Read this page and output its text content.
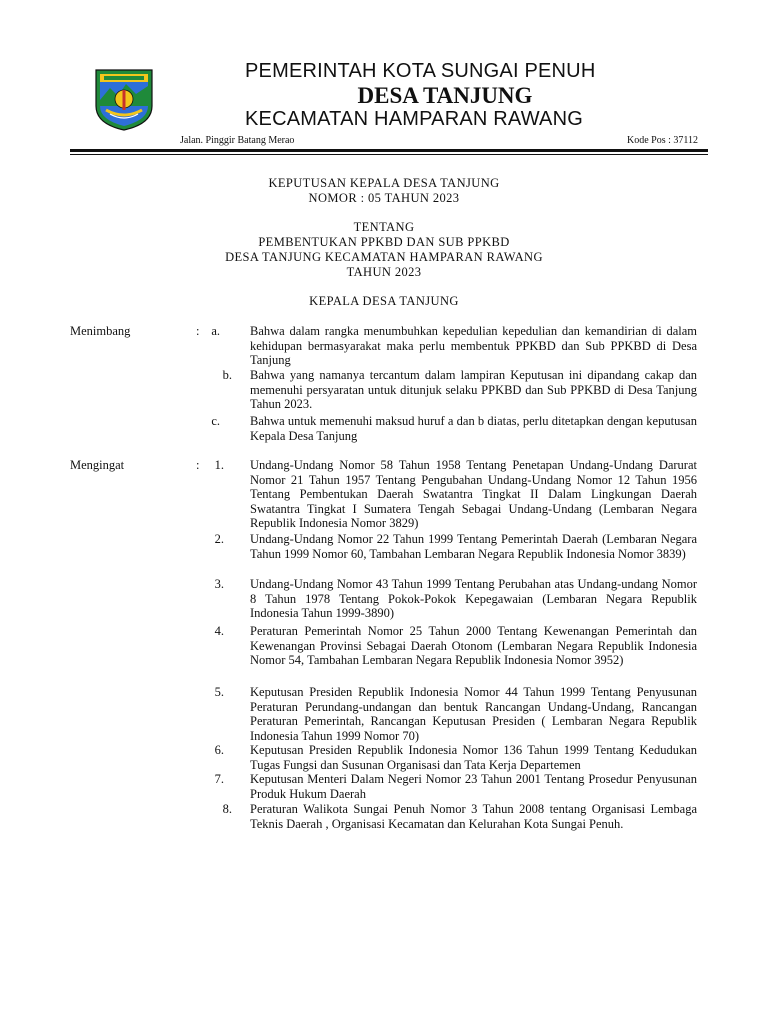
PEMERINTAH KOTA SUNGAI PENUH
DESA TANJUNG
KECAMATAN HAMPARAN RAWANG
Jalan. Pinggir Batang Merao	Kode Pos : 37112
KEPUTUSAN KEPALA DESA TANJUNG
NOMOR : 05 TAHUN 2023
TENTANG
PEMBENTUKAN PPKBD DAN SUB PPKBD
DESA TANJUNG KECAMATAN HAMPARAN RAWANG
TAHUN 2023
KEPALA DESA TANJUNG
Menimbang	: a. Bahwa dalam rangka menumbuhkan kepedulian kepedulian dan kemandirian di dalam kehidupan bermasyarakat maka perlu membentuk PPKBD dan Sub PPKBD di Desa Tanjung
b. Bahwa yang namanya tercantum dalam lampiran Keputusan ini dipandang cakap dan memenuhi persyaratan untuk ditunjuk selaku PPKBD dan Sub PPKBD di Desa Tanjung Tahun 2023.
c. Bahwa untuk memenuhi maksud huruf a dan b diatas, perlu ditetapkan dengan keputusan Kepala Desa Tanjung
Mengingat	:	1. Undang-Undang Nomor 58 Tahun 1958 Tentang Penetapan Undang-Undang Darurat Nomor 21 Tahun 1957 Tentang Pengubahan Undang-Undang Nomor 12 Tahun 1956 Tentang Pembentukan Daerah Swatantra Tingkat II Dalam Lingkungan Daerah Swatantra Tingkat I Sumatera Tengah Sebagai Undang-Undang (Lembaran Negara Republik Indonesia Nomor 3829)
2. Undang-Undang Nomor 22 Tahun 1999 Tentang Pemerintah Daerah (Lembaran Negara Tahun 1999 Nomor 60, Tambahan Lembaran Negara Republik Indonesia Nomor 3839)
3. Undang-Undang Nomor 43 Tahun 1999 Tentang Perubahan atas Undang-undang Nomor 8 Tahun 1978 Tentang Pokok-Pokok Kepegawaian (Lembaran Negara Republik Indonesia Tahun 1999-3890)
4. Peraturan Pemerintah Nomor 25 Tahun 2000 Tentang Kewenangan Pemerintah dan Kewenangan Provinsi Sebagai Daerah Otonom (Lembaran Negara Republik Indonesia Nomor 54, Tambahan Lembaran Negara Republik Indonesia Nomor 3952)
5. Keputusan Presiden Republik Indonesia Nomor 44 Tahun 1999 Tentang Penyusunan Peraturan Perundang-undangan dan bentuk Rancangan Undang-Undang, Rancangan Peraturan Pemerintah, Rancangan Keputusan Presiden ( Lembaran Negara Republik Indonesia Tahun 1999 Nomor 70)
6. Keputusan Presiden Republik Indonesia Nomor 136 Tahun 1999 Tentang Kedudukan Tugas Fungsi dan Susunan Organisasi dan Tata Kerja Departemen
7. Keputusan Menteri Dalam Negeri Nomor 23 Tahun 2001 Tentang Prosedur Penyusunan Produk Hukum Daerah
8. Peraturan Walikota Sungai Penuh Nomor 3 Tahun 2008 tentang Organisasi Lembaga Teknis Daerah , Organisasi Kecamatan dan Kelurahan Kota Sungai Penuh.
